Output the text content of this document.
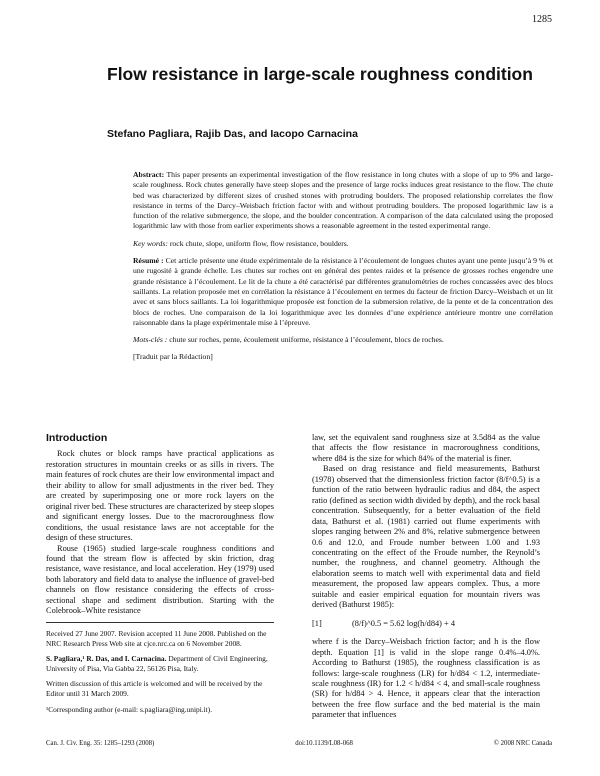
1285
Flow resistance in large-scale roughness condition
Stefano Pagliara, Rajib Das, and Iacopo Carnacina

Abstract: This paper presents an experimental investigation of the flow resistance in long chutes with a slope of up to 9% and large-scale roughness. Rock chutes generally have steep slopes and the presence of large rocks induces great resistance to the flow. The chute bed was characterized by different sizes of crushed stones with protruding boulders. The proposed relationship correlates the flow resistance in terms of the Darcy–Weisbach friction factor with and without protruding boulders. The proposed logarithmic law is a function of the relative submergence, the slope, and the boulder concentration. A comparison of the data calculated using the proposed logarithmic law with those from earlier experiments shows a reasonable agreement in the tested experimental range.

Key words: rock chute, slope, uniform flow, flow resistance, boulders.

Résumé : Cet article présente une étude expérimentale de la résistance à l’écoulement de longues chutes ayant une pente jusqu’à 9 % et une rugosité à grande échelle. Les chutes sur roches ont en général des pentes raides et la présence de grosses roches engendre une grande résistance à l’écoulement. Le lit de la chute a été caractérisé par différentes granulométries de roches concassées avec des blocs saillants. La relation proposée met en corrélation la résistance à l’écoulement en termes du facteur de friction Darcy–Weisbach et un lit avec et sans blocs saillants. La loi logarithmique proposée est fonction de la submersion relative, de la pente et de la concentration des blocs de roches. Une comparaison de la loi logarithmique avec les données d’une expérience antérieure montre une corrélation raisonnable dans la plage expérimentale mise à l’épreuve.

Mots-clés : chute sur roches, pente, écoulement uniforme, résistance à l’écoulement, blocs de roches.

[Traduit par la Rédaction]

Introduction

Rock chutes or block ramps have practical applications as restoration structures in mountain creeks or as sills in rivers. The main features of rock chutes are their low environmental impact and their ability to allow for small adjustments in the river bed. They are created by superimposing one or more rock layers on the original river bed. These structures are characterized by steep slopes and significant energy losses. Due to the macroroughness flow conditions, the usual resistance laws are not acceptable for the design of these structures.

Rouse (1965) studied large-scale roughness conditions and found that the stream flow is affected by skin friction, drag resistance, wave resistance, and local acceleration. Hey (1979) used both laboratory and field data to analyse the influence of gravel-bed channels on flow resistance considering the effects of cross-sectional shape and sediment distribution. Starting with the Colebrook–White resistance

Received 27 June 2007. Revision accepted 11 June 2008. Published on the NRC Research Press Web site at cjce.nrc.ca on 6 November 2008.

S. Pagliara,¹ R. Das, and I. Carnacina. Department of Civil Engineering, University of Pisa, Via Gabba 22, 56126 Pisa, Italy.

Written discussion of this article is welcomed and will be received by the Editor until 31 March 2009.

¹Corresponding author (e-mail: s.pagliara@ing.unipi.it).

law, set the equivalent sand roughness size at 3.5d84 as the value that affects the flow resistance in macroroughness conditions, where d84 is the size for which 84% of the material is finer.

Based on drag resistance and field measurements, Bathurst (1978) observed that the dimensionless friction factor (8/f^0.5) is a function of the ratio between hydraulic radius and d84, the aspect ratio (defined as section width divided by depth), and the rock basal concentration. Subsequently, for a better evaluation of the field data, Bathurst et al. (1981) carried out flume experiments with slopes ranging between 2% and 8%, relative submergence between 0.6 and 12.0, and Froude number between 1.00 and 1.93 concentrating on the effect of the Froude number, the Reynold’s number, the roughness, and channel geometry. Although the elaboration seems to match well with experimental data and field measurement, the proposed law appears complex. Thus, a more suitable and easier empirical equation for mountain rivers was derived (Bathurst 1985):

[1]	(8/f)^0.5 = 5.62 log(h/d84) + 4

where f is the Darcy–Weisbach friction factor; and h is the flow depth. Equation [1] is valid in the slope range 0.4%–4.0%. According to Bathurst (1985), the roughness classification is as follows: large-scale roughness (LR) for h/d84 < 1.2, intermediate-scale roughness (IR) for 1.2 < h/d84 < 4, and small-scale roughness (SR) for h/d84 > 4. Hence, it appears clear that the interaction between the free flow surface and the bed material is the main parameter that influences

Can. J. Civ. Eng. 35: 1285–1293 (2008)	doi:10.1139/L08-068	© 2008 NRC Canada
